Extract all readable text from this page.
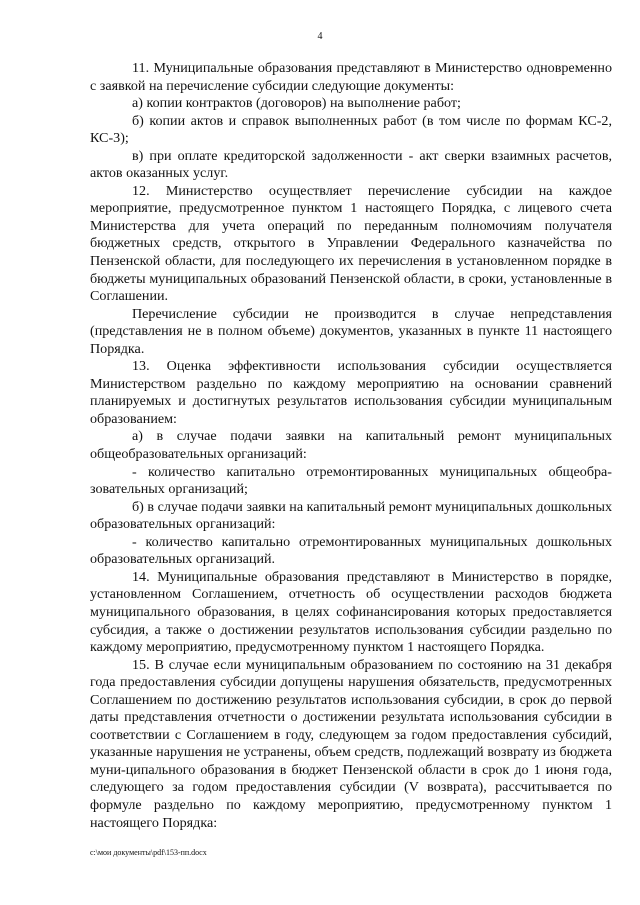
4

11. Муниципальные образования представляют в Министерство одновременно с заявкой на перечисление субсидии следующие документы:

а) копии контрактов (договоров) на выполнение работ;

б) копии актов и справок выполненных работ (в том числе по формам КС-2, КС-3);

в) при оплате кредиторской задолженности - акт сверки взаимных расчетов, актов оказанных услуг.

12. Министерство осуществляет перечисление субсидии на каждое мероприятие, предусмотренное пунктом 1 настоящего Порядка, с лицевого счета Министерства для учета операций по переданным полномочиям получателя бюджетных средств, открытого в Управлении Федерального казначейства по Пензенской области, для последующего их перечисления в установленном порядке в бюджеты муниципальных образований Пензенской области, в сроки, установленные в Соглашении.

Перечисление субсидии не производится в случае непредставления (представления не в полном объеме) документов, указанных в пункте 11 настоящего Порядка.

13. Оценка эффективности использования субсидии осуществляется Министерством раздельно по каждому мероприятию на основании сравнений планируемых и достигнутых результатов использования субсидии муниципальным образованием:

а) в случае подачи заявки на капитальный ремонт муниципальных общеобразовательных организаций:

- количество капитально отремонтированных муниципальных общеобра-зовательных организаций;

б) в случае подачи заявки на капитальный ремонт муниципальных дошкольных образовательных организаций:

- количество капитально отремонтированных муниципальных дошкольных образовательных организаций.

14. Муниципальные образования представляют в Министерство в порядке, установленном Соглашением, отчетность об осуществлении расходов бюджета муниципального образования, в целях софинансирования которых предоставляется субсидия, а также о достижении результатов использования субсидии раздельно по каждому мероприятию, предусмотренному пунктом 1 настоящего Порядка.

15. В случае если муниципальным образованием по состоянию на 31 декабря года предоставления субсидии допущены нарушения обязательств, предусмотренных Соглашением по достижению результатов использования субсидии, в срок до первой даты представления отчетности о достижении результата использования субсидии в соответствии с Соглашением в году, следующем за годом предоставления субсидий, указанные нарушения не устранены, объем средств, подлежащий возврату из бюджета муни-ципального образования в бюджет Пензенской области в срок до 1 июня года, следующего за годом предоставления субсидии (V возврата), рассчитывается по формуле раздельно по каждому мероприятию, предусмотренному пунктом 1 настоящего Порядка:

c:\мои документы\pdf\153-пп.docx
